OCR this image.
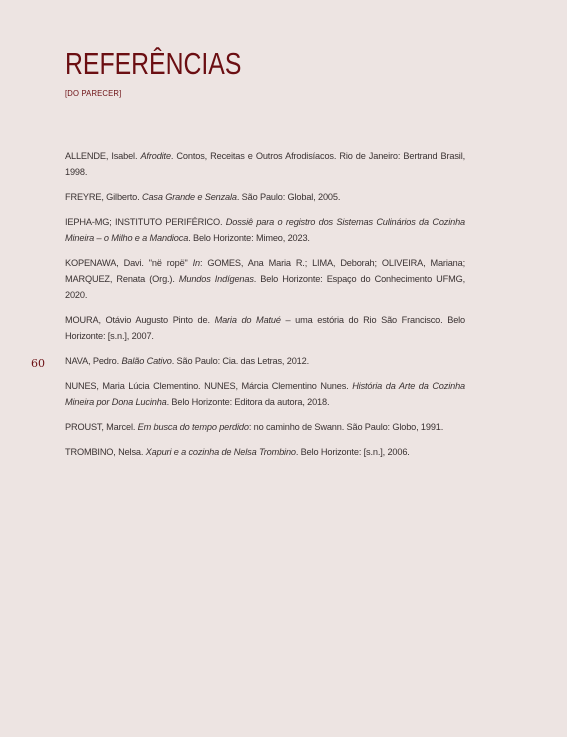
REFERÊNCIAS
[DO PARECER]
60
ALLENDE, Isabel. Afrodite. Contos, Receitas e Outros Afrodisíacos. Rio de Janeiro: Bertrand Brasil, 1998.
FREYRE, Gilberto. Casa Grande e Senzala. São Paulo: Global, 2005.
IEPHA-MG; INSTITUTO PERIFÉRICO. Dossiê para o registro dos Sistemas Culinários da Cozinha Mineira – o Milho e a Mandioca. Belo Horizonte: Mimeo, 2023.
KOPENAWA, Davi. "në ropë" In: GOMES, Ana Maria R.; LIMA, Deborah; OLIVEIRA, Mariana; MARQUEZ, Renata (Org.). Mundos Indígenas. Belo Horizonte: Espaço do Conhecimento UFMG, 2020.
MOURA, Otávio Augusto Pinto de. Maria do Matué – uma estória do Rio São Francisco. Belo Horizonte: [s.n.], 2007.
NAVA, Pedro. Balão Cativo. São Paulo: Cia. das Letras, 2012.
NUNES, Maria Lúcia Clementino. NUNES, Márcia Clementino Nunes. História da Arte da Cozinha Mineira por Dona Lucinha. Belo Horizonte: Editora da autora, 2018.
PROUST, Marcel. Em busca do tempo perdido: no caminho de Swann. São Paulo: Globo, 1991.
TROMBINO, Nelsa. Xapuri e a cozinha de Nelsa Trombino. Belo Horizonte: [s.n.], 2006.
